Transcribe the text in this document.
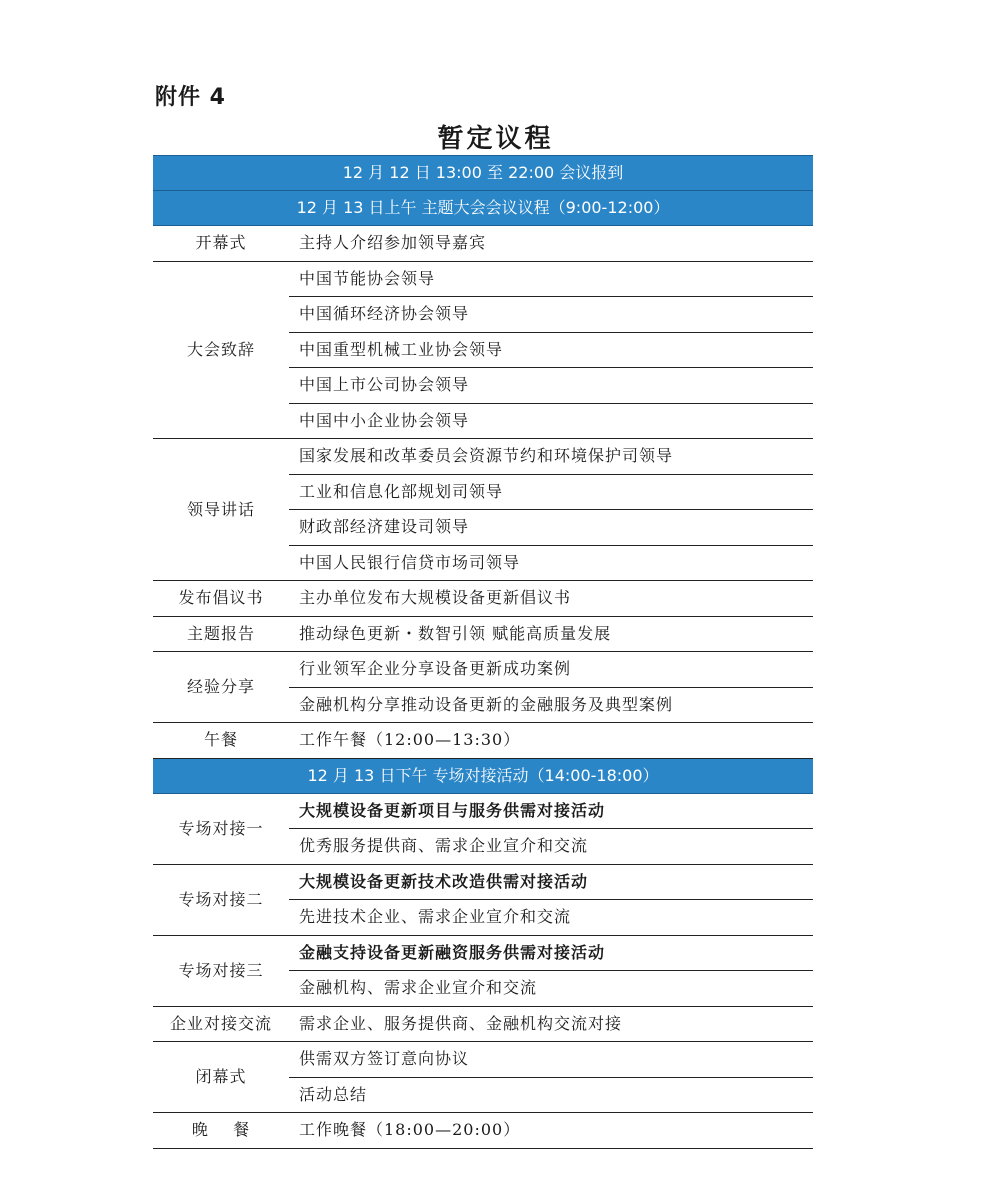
附件 4
暂定议程
12 月 12 日 13:00 至 22:00 会议报到	
12 月 13 日上午 主题大会会议议程（9:00-12:00）	
开幕式	主持人介绍参加领导嘉宾
大会致辞	中国节能协会领导
	中国循环经济协会领导
	中国重型机械工业协会领导
	中国上市公司协会领导
	中国中小企业协会领导
领导讲话	国家发展和改革委员会资源节约和环境保护司领导
	工业和信息化部规划司领导
	财政部经济建设司领导
	中国人民银行信贷市场司领导
发布倡议书	主办单位发布大规模设备更新倡议书
主题报告	推动绿色更新・数智引领 赋能高质量发展
经验分享	行业领军企业分享设备更新成功案例
	金融机构分享推动设备更新的金融服务及典型案例
午餐	工作午餐（12:00—13:30）
12 月 13 日下午 专场对接活动（14:00-18:00）	
专场对接一	大规模设备更新项目与服务供需对接活动
	优秀服务提供商、需求企业宣介和交流
专场对接二	大规模设备更新技术改造供需对接活动
	先进技术企业、需求企业宣介和交流
专场对接三	金融支持设备更新融资服务供需对接活动
	金融机构、需求企业宣介和交流
企业对接交流	需求企业、服务提供商、金融机构交流对接
闭幕式	供需双方签订意向协议
	活动总结
晚    餐	工作晚餐（18:00—20:00）
